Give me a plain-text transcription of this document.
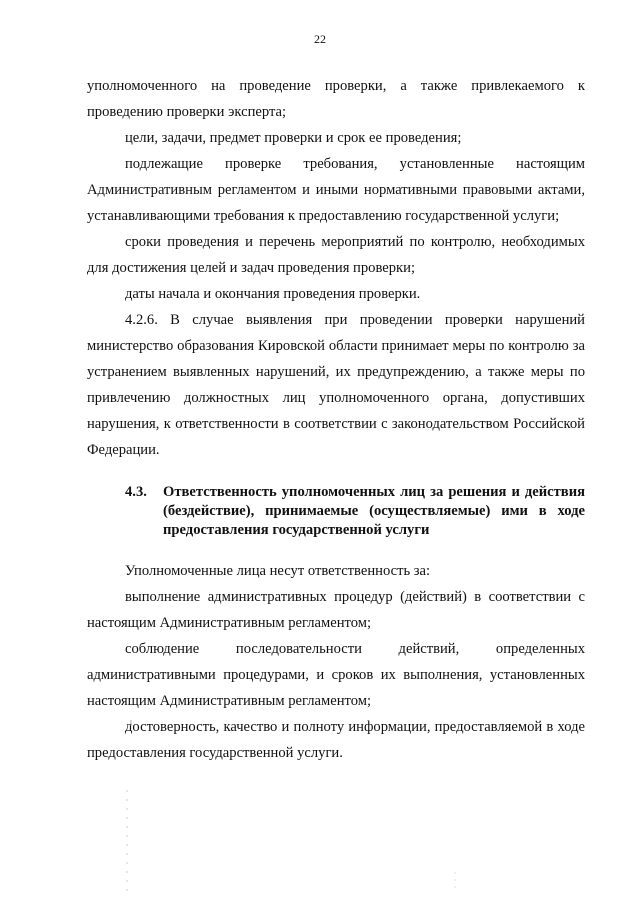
22

уполномоченного на проведение проверки, а также привлекаемого к проведению проверки эксперта;

цели, задачи, предмет проверки и срок ее проведения;

подлежащие проверке требования, установленные настоящим Административным регламентом и иными нормативными правовыми актами, устанавливающими требования к предоставлению государственной услуги;

сроки проведения и перечень мероприятий по контролю, необходимых для достижения целей и задач проведения проверки;

даты начала и окончания проведения проверки.

4.2.6. В случае выявления при проведении проверки нарушений министерство образования Кировской области принимает меры по контролю за устранением выявленных нарушений, их предупреждению, а также меры по привлечению должностных лиц уполномоченного органа, допустивших нарушения, к ответственности в соответствии с законодательством Российской Федерации.

4.3.	Ответственность уполномоченных лиц за решения и действия (бездействие), принимаемые (осуществляемые) ими в ходе предоставления государственной услуги

Уполномоченные лица несут ответственность за:

выполнение административных процедур (действий) в соответствии с настоящим Административным регламентом;

соблюдение последовательности действий, определенных административными процедурами, и сроков их выполнения, установленных настоящим Административным регламентом;

достоверность, качество и полноту информации, предоставляемой в ходе предоставления государственной услуги.
